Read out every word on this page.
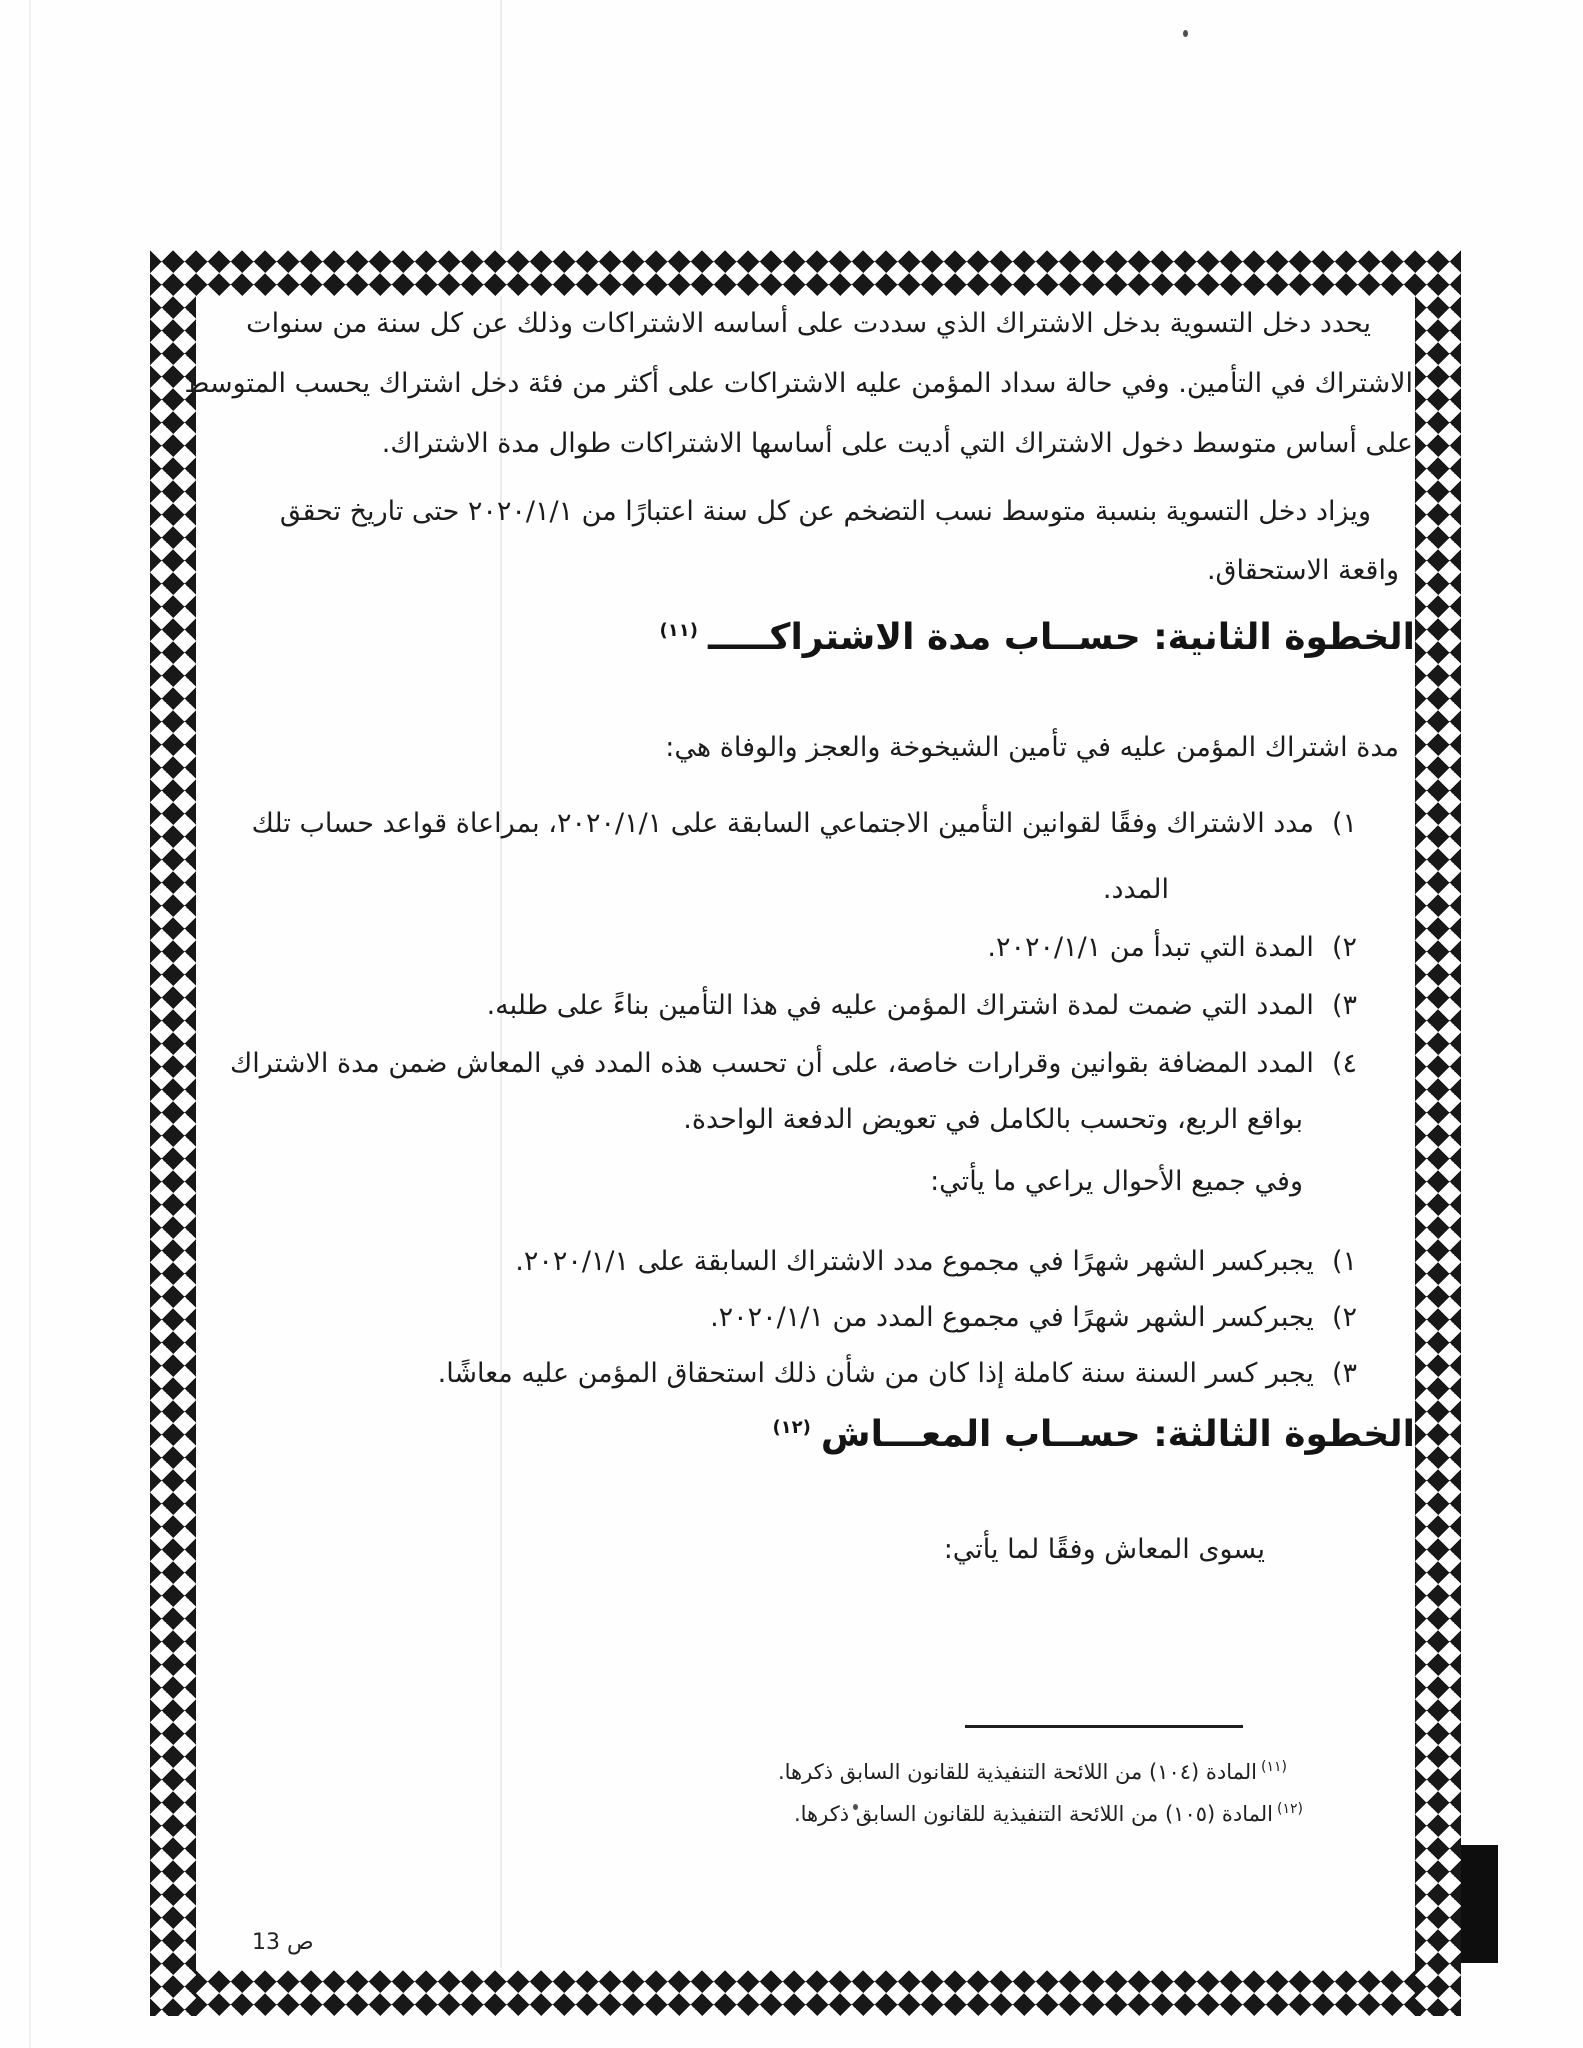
يحدد دخل التسوية بدخل الاشتراك الذي سددت على أساسه الاشتراكات وذلك عن كل سنة من سنوات
الاشتراك في التأمين. وفي حالة سداد المؤمن عليه الاشتراكات على أكثر من فئة دخل اشتراك يحسب المتوسط
على أساس متوسط دخول الاشتراك التي أديت على أساسها الاشتراكات طوال مدة الاشتراك.
ويزاد دخل التسوية بنسبة متوسط نسب التضخم عن كل سنة اعتبارًا من ٢٠٢٠/١/١ حتى تاريخ تحقق
واقعة الاستحقاق.
الخطوة الثانية: حســاب مدة الاشتراكـــــ$^{(١١)}$
مدة اشتراك المؤمن عليه في تأمين الشيخوخة والعجز والوفاة هي:
١)مدد الاشتراك وفقًا لقوانين التأمين الاجتماعي السابقة على ٢٠٢٠/١/١، بمراعاة قواعد حساب تلك
المدد.
٢)المدة التي تبدأ من ٢٠٢٠/١/١.
٣)المدد التي ضمت لمدة اشتراك المؤمن عليه في هذا التأمين بناءً على طلبه.
٤)المدد المضافة بقوانين وقرارات خاصة، على أن تحسب هذه المدد في المعاش ضمن مدة الاشتراك
بواقع الربع، وتحسب بالكامل في تعويض الدفعة الواحدة.
وفي جميع الأحوال يراعي ما يأتي:
١)يجبركسر الشهر شهرًا في مجموع مدد الاشتراك السابقة على ٢٠٢٠/١/١.
٢)يجبركسر الشهر شهرًا في مجموع المدد من ٢٠٢٠/١/١.
٣)يجبر كسر السنة سنة كاملة إذا كان من شأن ذلك استحقاق المؤمن عليه معاشًا.
الخطوة الثالثة: حســاب المعـــاش$^{(١٢)}$
يسوى المعاش وفقًا لما يأتي:
$^{(١١)}$المادة (١٠٤) من اللائحة التنفيذية للقانون السابق ذكرها.
$^{(١٢)}$المادة (١٠٥) من اللائحة التنفيذية للقانون السابق ذكرها.
ص 13
